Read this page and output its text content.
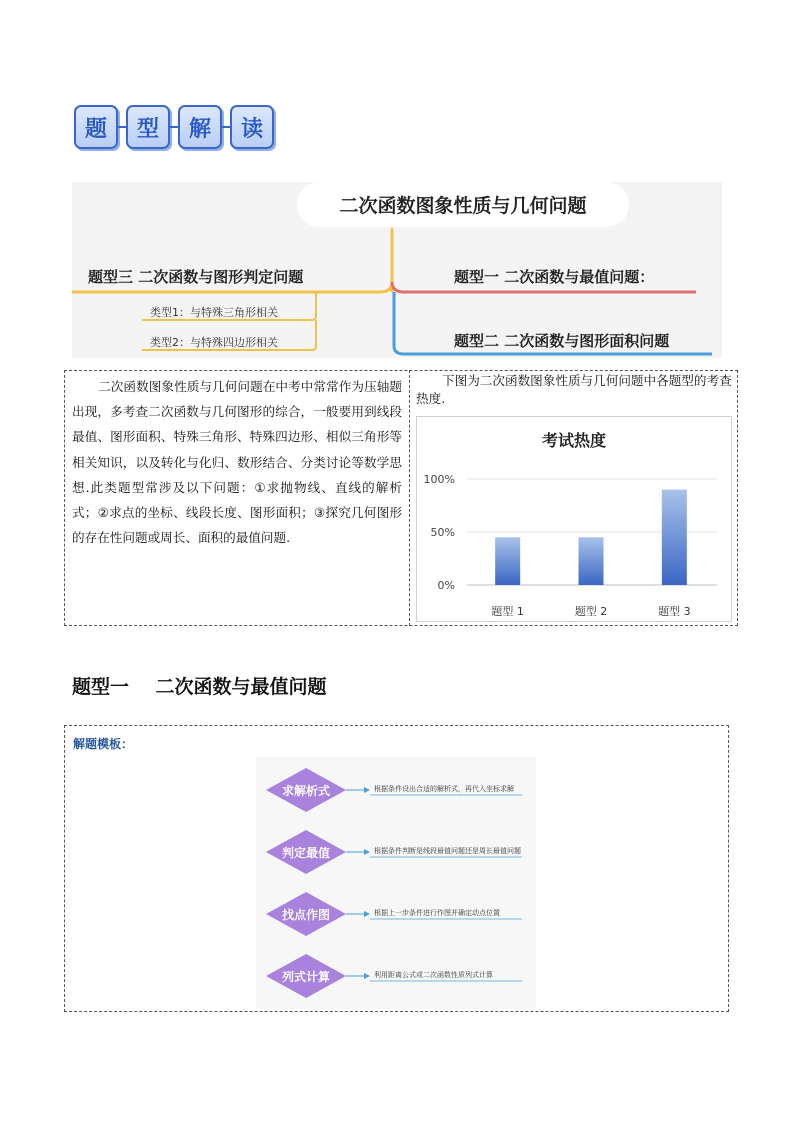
题	型	解	读
二次函数图象性质与几何问题
题型三 二次函数与图形判定问题
类型1：与特殊三角形相关
类型2：与特殊四边形相关
题型一 二次函数与最值问题：
题型二 二次函数与图形面积问题
二次函数图象性质与几何问题在中考中常常作为压轴题出现，多考查二次函数与几何图形的综合，一般要用到线段最值、图形面积、特殊三角形、特殊四边形、相似三角形等相关知识，以及转化与化归、数形结合、分类讨论等数学思想.此类题型常涉及以下问题：①求抛物线、直线的解析式；②求点的坐标、线段长度、图形面积；③探究几何图形的存在性问题或周长、面积的最值问题.
下图为二次函数图象性质与几何问题中各题型的考查热度.
考试热度
0%
50%
100%
题型 1	题型 2	题型 3
题型一    二次函数与最值问题
解题模板：
求解析式	根据条件设出合适的解析式，再代入坐标求解
判定最值	根据条件判断是线段最值问题还是周长最值问题
找点作图	根据上一步条件进行作图并确定动点位置
列式计算	利用距离公式或二次函数性质列式计算
